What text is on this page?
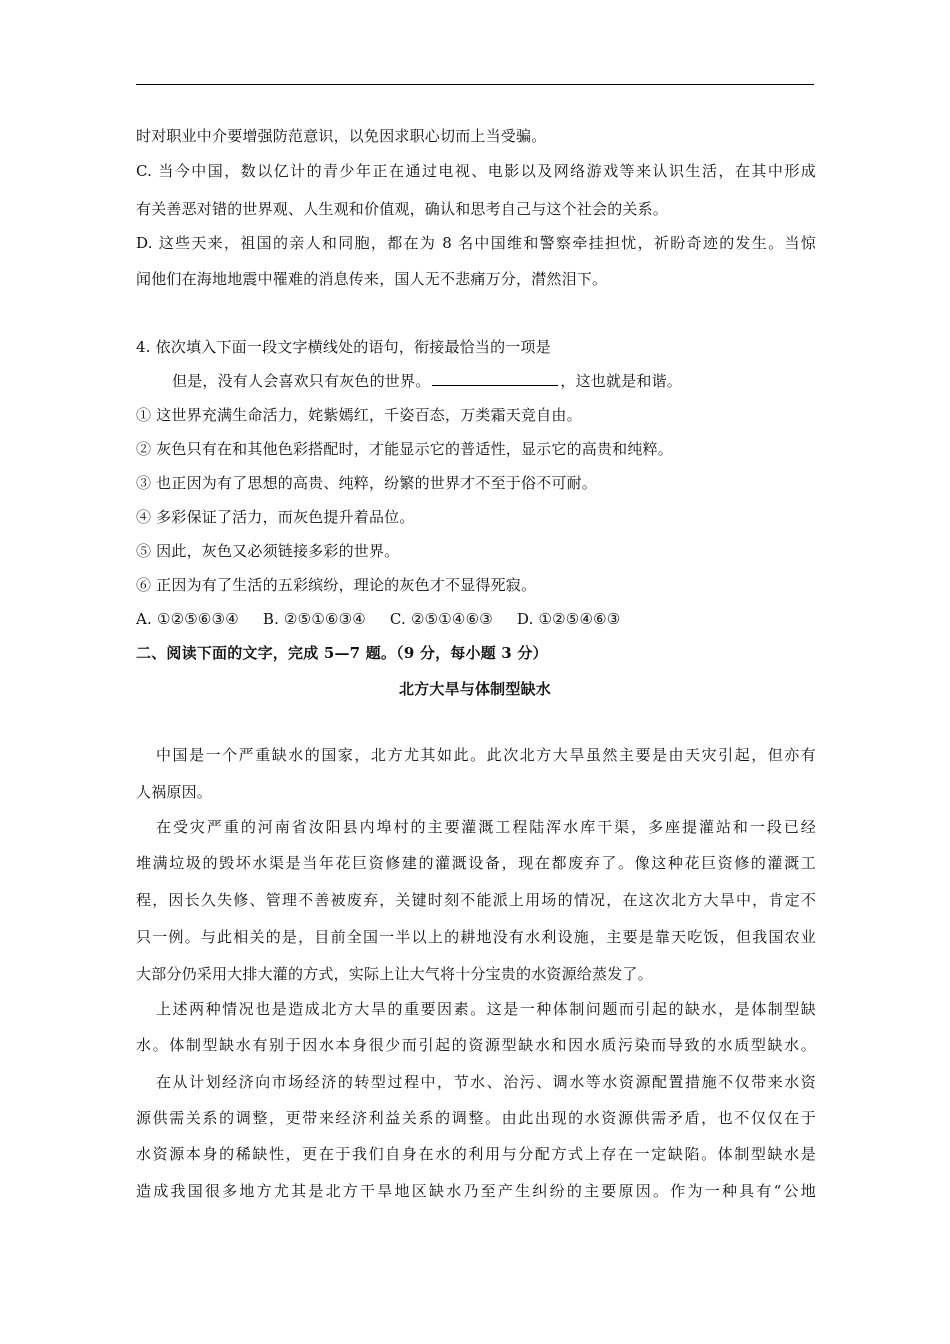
时对职业中介要增强防范意识，以免因求职心切而上当受骗。
C. 当今中国，数以亿计的青少年正在通过电视、电影以及网络游戏等来认识生活，在其中形成
有关善恶对错的世界观、人生观和价值观，确认和思考自己与这个社会的关系。
D. 这些天来，祖国的亲人和同胞，都在为 8 名中国维和警察牵挂担忧，祈盼奇迹的发生。当惊
闻他们在海地地震中罹难的消息传来，国人无不悲痛万分，潸然泪下。
4. 依次填入下面一段文字横线处的语句，衔接最恰当的一项是
但是，没有人会喜欢只有灰色的世界。	，这也就是和谐。
① 这世界充满生命活力，姹紫嫣红，千姿百态，万类霜天竞自由。
② 灰色只有在和其他色彩搭配时，才能显示它的普适性，显示它的高贵和纯粹。
③ 也正因为有了思想的高贵、纯粹，纷繁的世界才不至于俗不可耐。
④ 多彩保证了活力，而灰色提升着品位。
⑤ 因此，灰色又必须链接多彩的世界。
⑥ 正因为有了生活的五彩缤纷，理论的灰色才不显得死寂。
A. ①②⑤⑥③④ B. ②⑤①⑥③④ C. ②⑤①④⑥③ D. ①②⑤④⑥③
二、阅读下面的文字，完成 5—7 题。（9 分，每小题 3 分）
北方大旱与体制型缺水
中国是一个严重缺水的国家，北方尤其如此。此次北方大旱虽然主要是由天灾引起，但亦有
人祸原因。
在受灾严重的河南省汝阳县内埠村的主要灌溉工程陆浑水库干渠，多座提灌站和一段已经
堆满垃圾的毁坏水渠是当年花巨资修建的灌溉设备，现在都废弃了。像这种花巨资修的灌溉工
程，因长久失修、管理不善被废弃，关键时刻不能派上用场的情况，在这次北方大旱中，肯定不
只一例。与此相关的是，目前全国一半以上的耕地没有水利设施，主要是靠天吃饭，但我国农业
大部分仍采用大排大灌的方式，实际上让大气将十分宝贵的水资源给蒸发了。
上述两种情况也是造成北方大旱的重要因素。这是一种体制问题而引起的缺水，是体制型缺
水。体制型缺水有别于因水本身很少而引起的资源型缺水和因水质污染而导致的水质型缺水。
在从计划经济向市场经济的转型过程中，节水、治污、调水等水资源配置措施不仅带来水资
源供需关系的调整，更带来经济利益关系的调整。由此出现的水资源供需矛盾，也不仅仅在于
水资源本身的稀缺性，更在于我们自身在水的利用与分配方式上存在一定缺陷。体制型缺水是
造成我国很多地方尤其是北方干旱地区缺水乃至产生纠纷的主要原因。作为一种具有“公地
